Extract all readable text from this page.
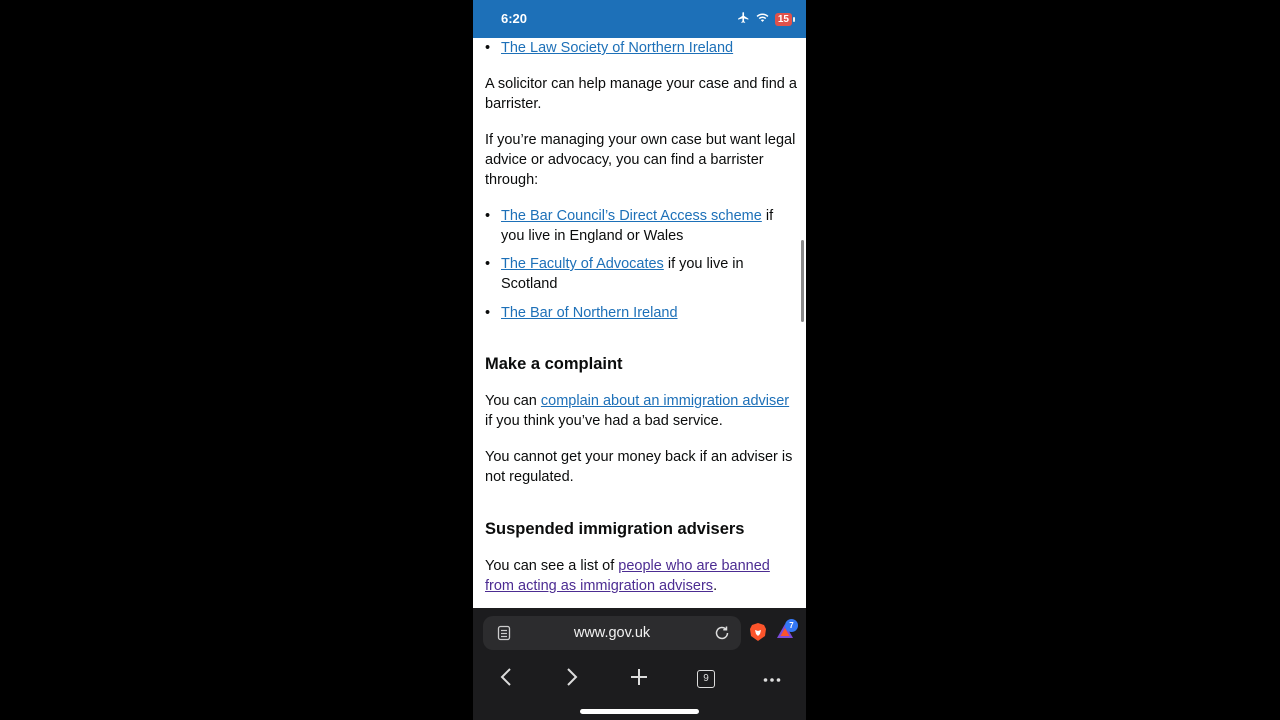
6:20	15
• The Law Society of Northern Ireland
A solicitor can help manage your case and find a barrister.
If you’re managing your own case but want legal advice or advocacy, you can find a barrister through:
• The Bar Council’s Direct Access scheme if you live in England or Wales
• The Faculty of Advocates if you live in Scotland
• The Bar of Northern Ireland
Make a complaint
You can complain about an immigration adviser if you think you’ve had a bad service.
You cannot get your money back if an adviser is not regulated.
Suspended immigration advisers
You can see a list of people who are banned from acting as immigration advisers.
www.gov.uk	7
9
